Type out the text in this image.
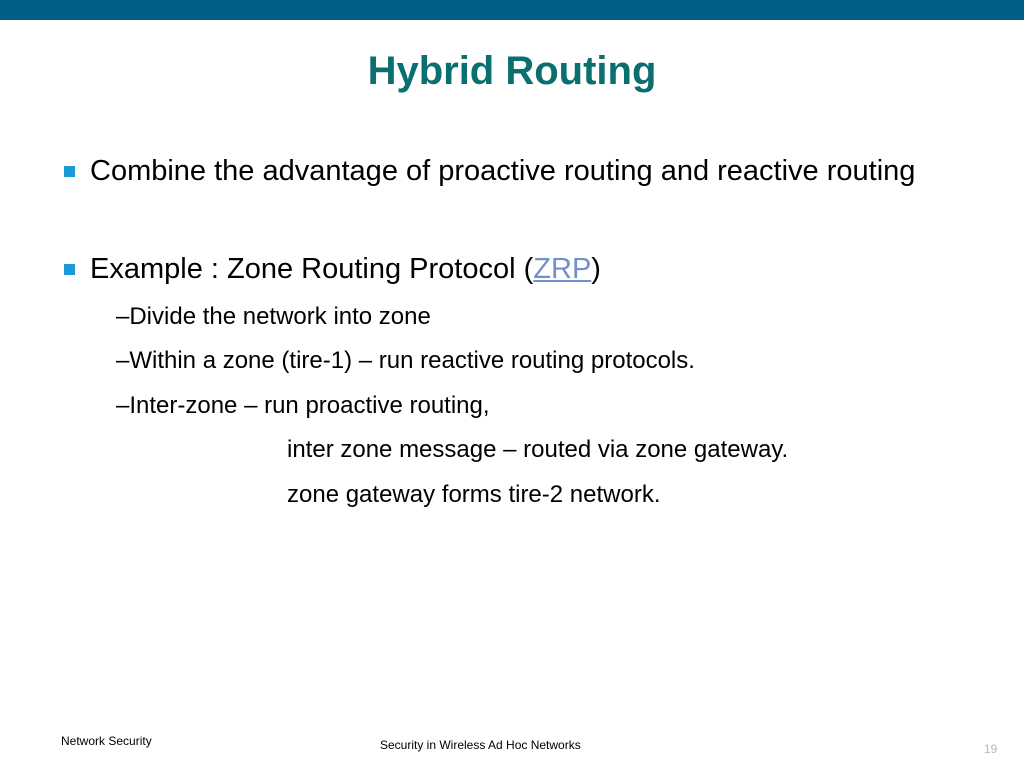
Hybrid Routing
Combine the advantage of proactive routing and reactive routing
Example : Zone Routing Protocol (ZRP)
–Divide the network into zone
–Within a zone (tire-1) – run reactive routing protocols.
–Inter-zone – run proactive routing,
inter zone message – routed via zone gateway.
zone gateway forms tire-2 network.
Network Security	Security in Wireless Ad Hoc Networks	19
